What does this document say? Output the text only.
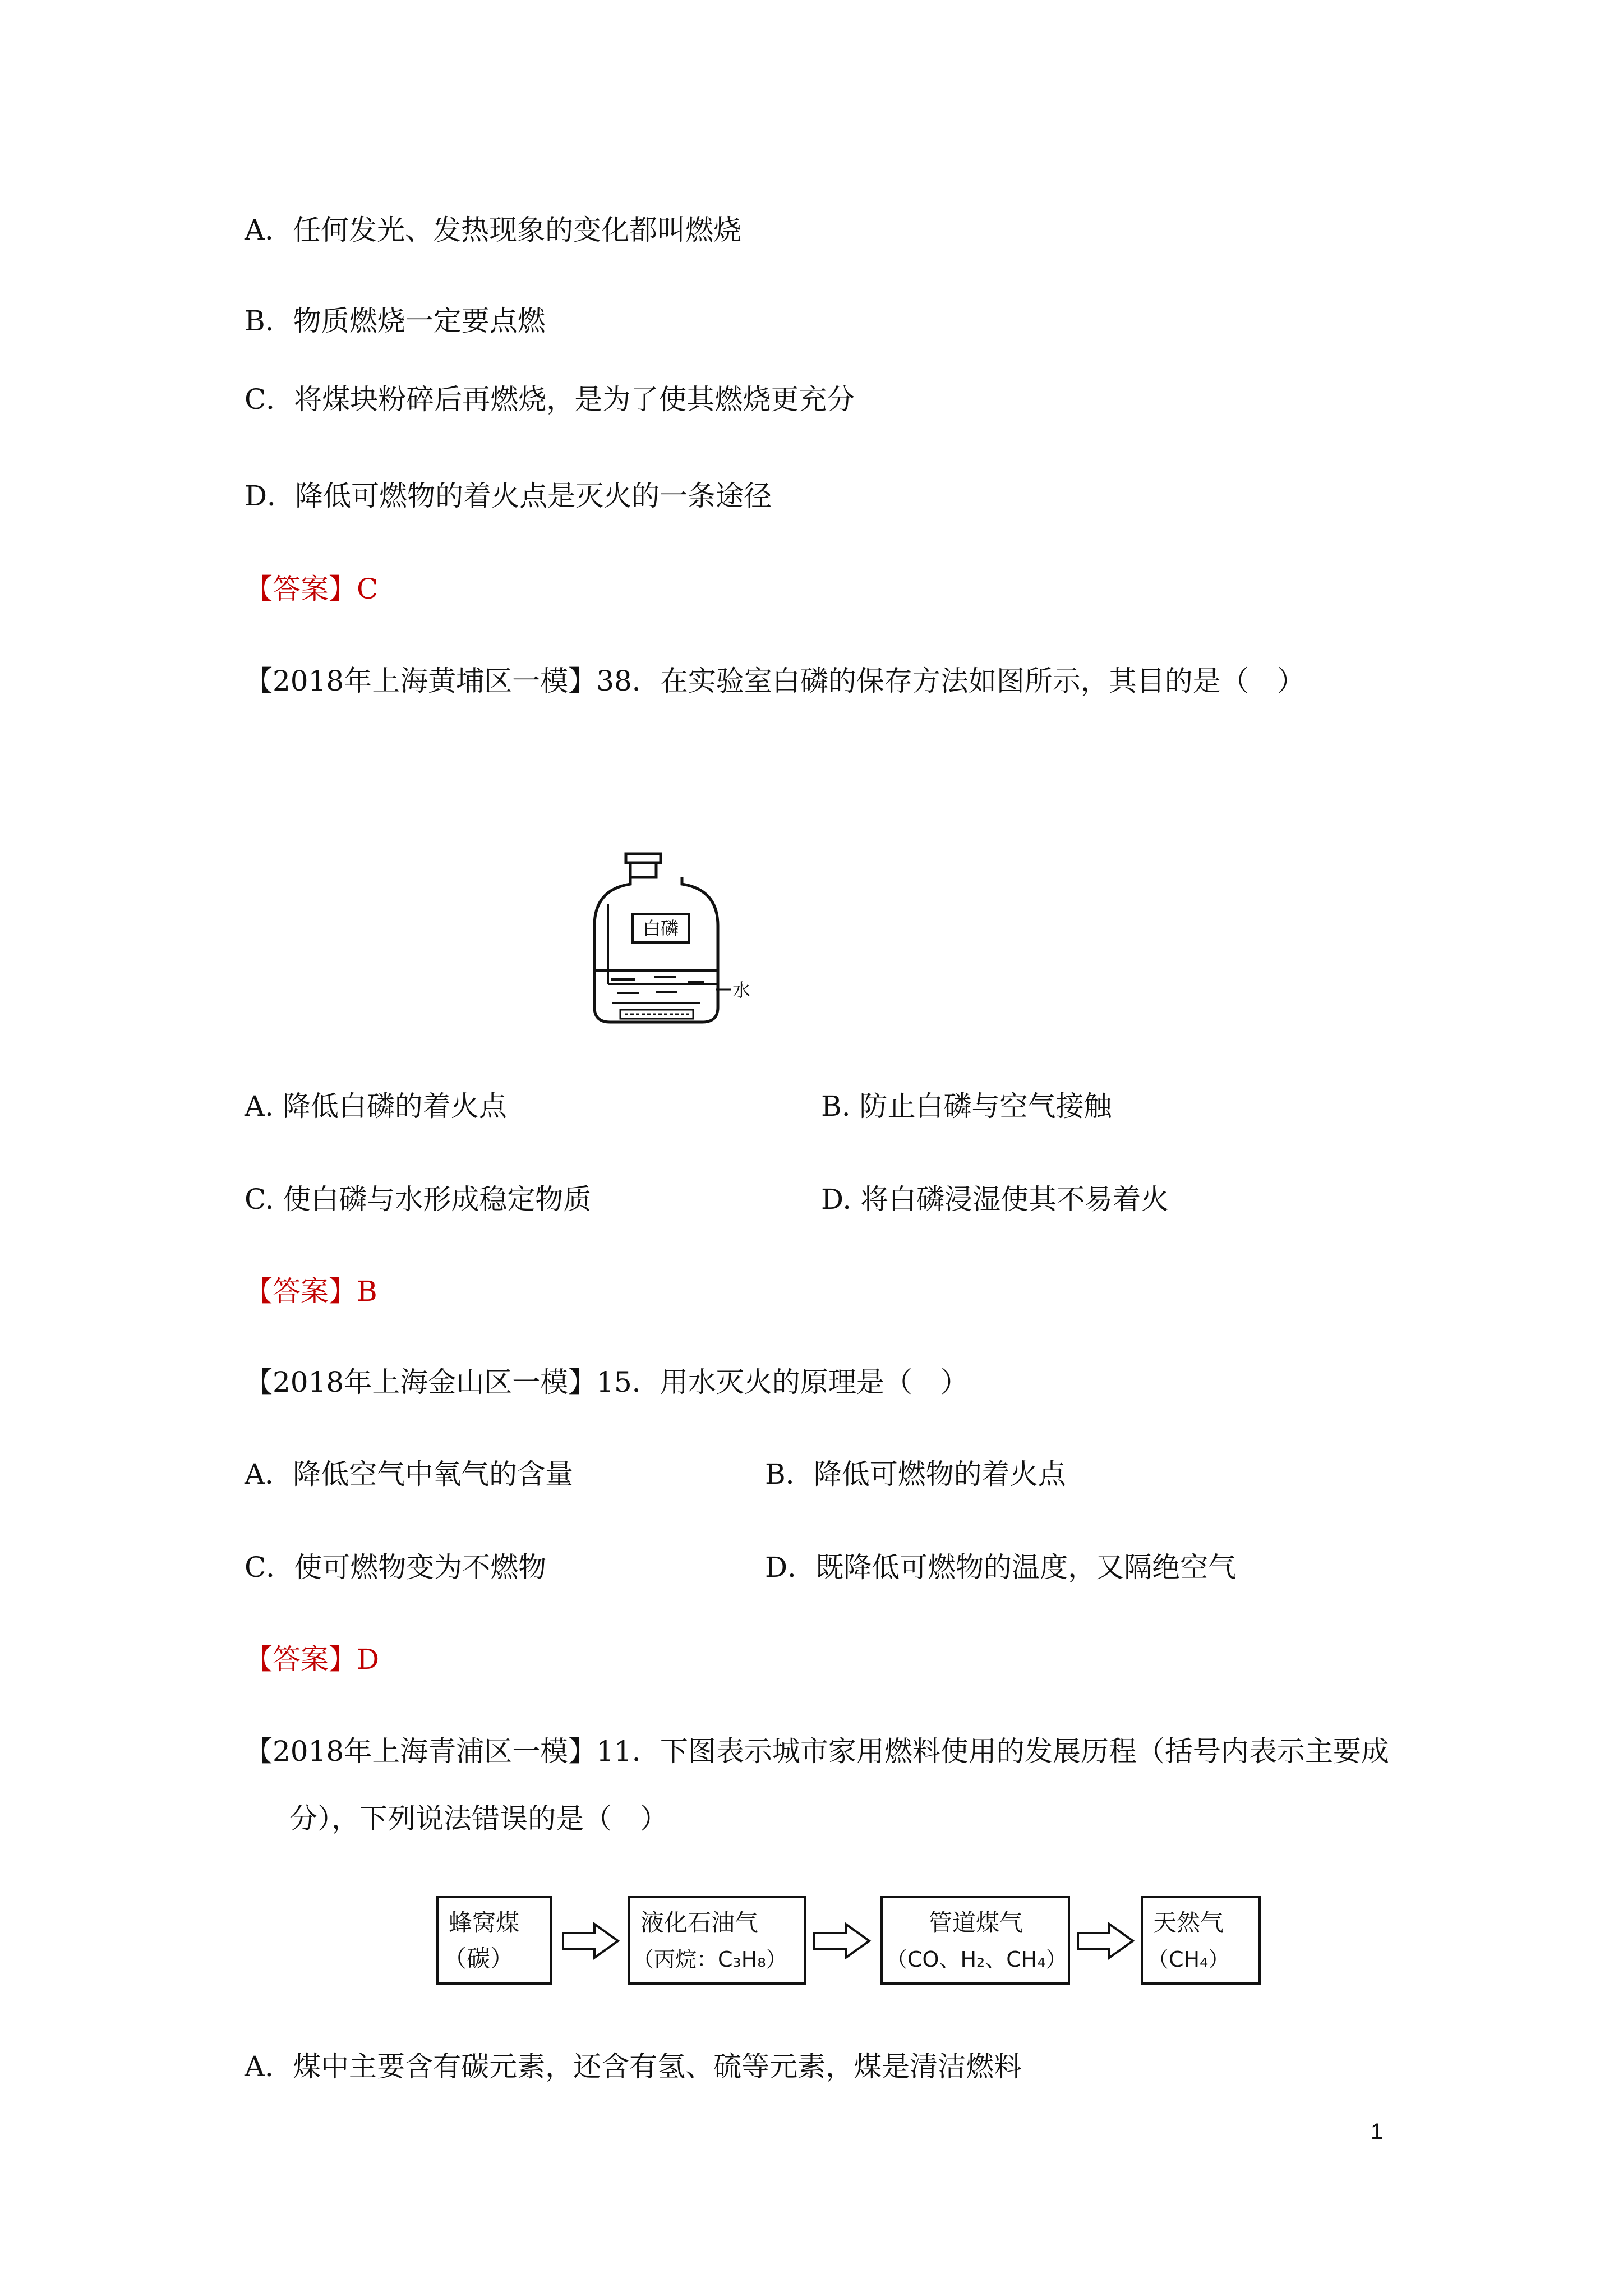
A．任何发光、发热现象的变化都叫燃烧
B．物质燃烧一定要点燃
C．将煤块粉碎后再燃烧，是为了使其燃烧更充分
D．降低可燃物的着火点是灭火的一条途径
【答案】C
【2018年上海黄埔区一模】38．在实验室白磷的保存方法如图所示，其目的是（　）
白磷
水
A. 降低白磷的着火点	B. 防止白磷与空气接触
C. 使白磷与水形成稳定物质	D. 将白磷浸湿使其不易着火
【答案】B
【2018年上海金山区一模】15．用水灭火的原理是（　）
A．降低空气中氧气的含量	B．降低可燃物的着火点
C．使可燃物变为不燃物	D．既降低可燃物的温度，又隔绝空气
【答案】D
【2018年上海青浦区一模】11．下图表示城市家用燃料使用的发展历程（括号内表示主要成
分），下列说法错误的是（　）
蜂窝煤
（碳）
液化石油气
（丙烷：C₃H₈）
管道煤气
（CO、H₂、CH₄）
天然气
（CH₄）
A．煤中主要含有碳元素，还含有氢、硫等元素，煤是清洁燃料
1
